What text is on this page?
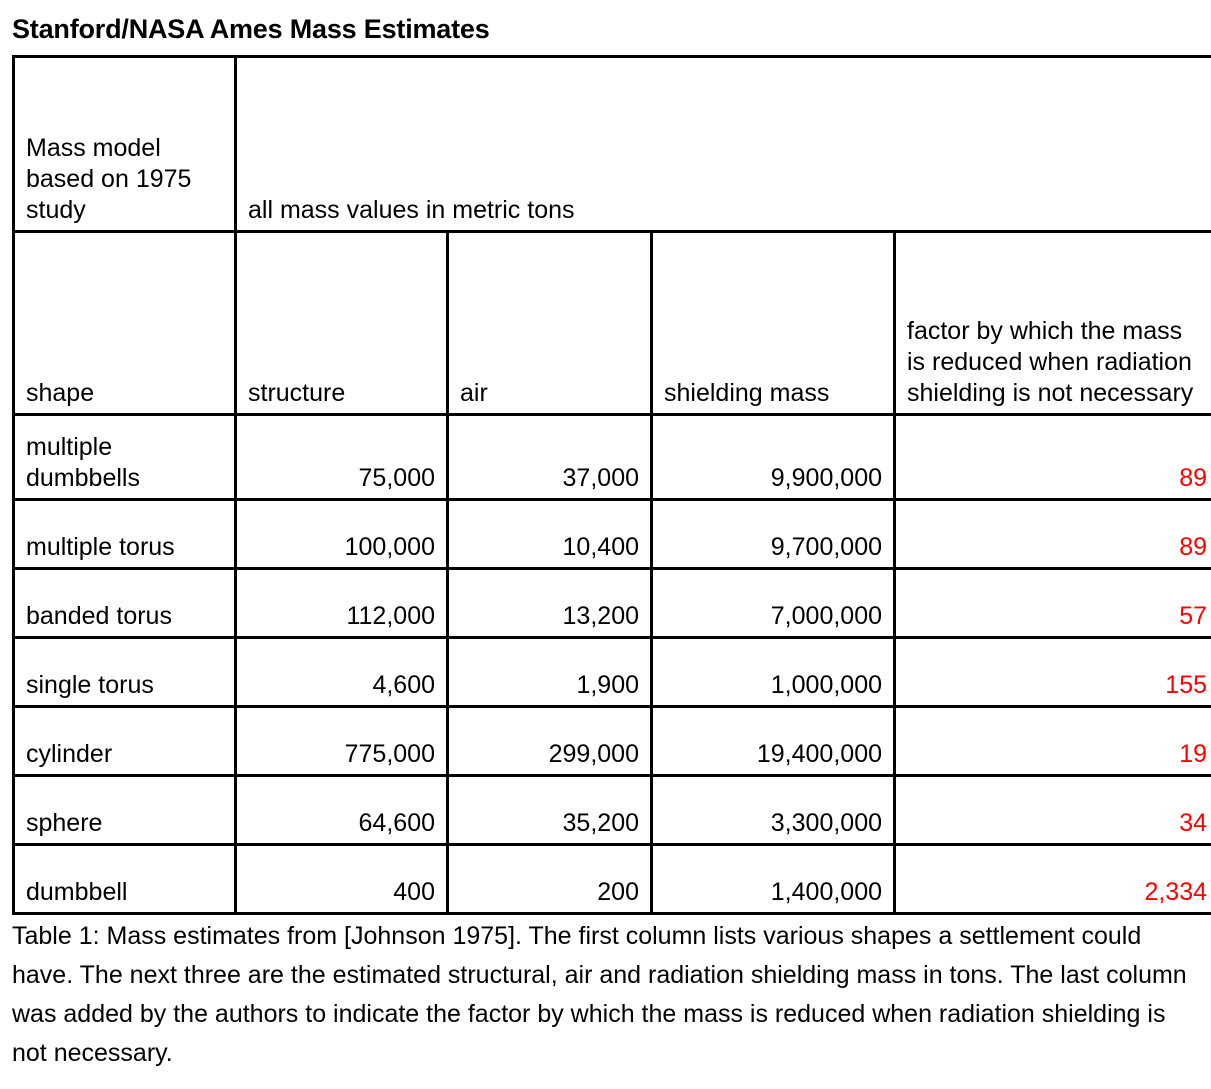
Stanford/NASA Ames Mass Estimates
Mass model based on 1975 study	all mass values in metric tons			
shape	structure	air	shielding mass	factor by which the mass is reduced when radiation shielding is not necessary
multiple dumbbells	75,000	37,000	9,900,000	89
multiple torus	100,000	10,400	9,700,000	89
banded torus	112,000	13,200	7,000,000	57
single torus	4,600	1,900	1,000,000	155
cylinder	775,000	299,000	19,400,000	19
sphere	64,600	35,200	3,300,000	34
dumbbell	400	200	1,400,000	2,334
Table 1: Mass estimates from [Johnson 1975]. The first column lists various shapes a settlement could have. The next three are the estimated structural, air and radiation shielding mass in tons. The last column was added by the authors to indicate the factor by which the mass is reduced when radiation shielding is not necessary.
